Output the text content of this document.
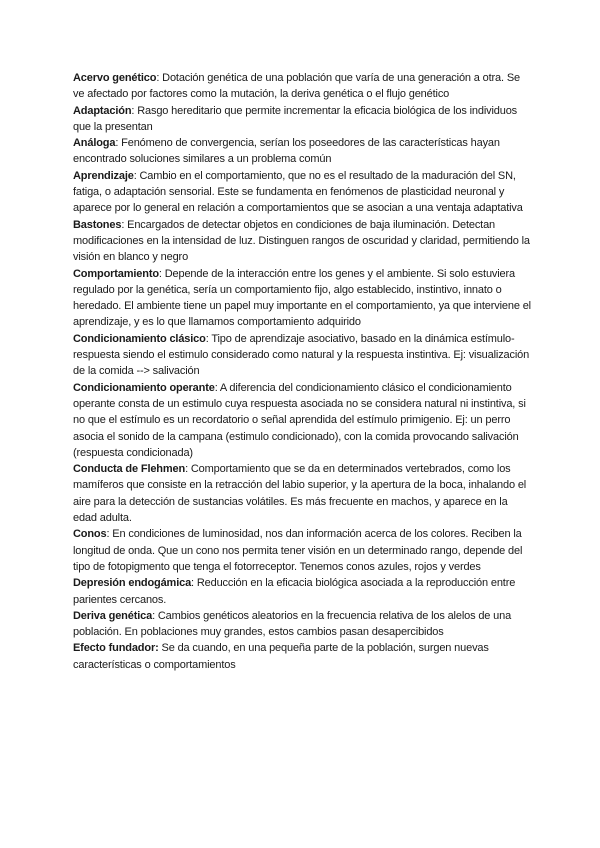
Acervo genético: Dotación genética de una población que varía de una generación a otra. Se ve afectado por factores como la mutación, la deriva genética o el flujo genético

Adaptación: Rasgo hereditario que permite incrementar la eficacia biológica de los individuos que la presentan

Análoga: Fenómeno de convergencia, serían los poseedores de las características hayan encontrado soluciones similares a un problema común

Aprendizaje: Cambio en el comportamiento, que no es el resultado de la maduración del SN, fatiga, o adaptación sensorial. Este se fundamenta en fenómenos de plasticidad neuronal y aparece por lo general en relación a comportamientos que se asocian a una ventaja adaptativa

Bastones: Encargados de detectar objetos en condiciones de baja iluminación. Detectan modificaciones en la intensidad de luz. Distinguen rangos de oscuridad y claridad, permitiendo la visión en blanco y negro

Comportamiento: Depende de la interacción entre los genes y el ambiente. Si solo estuviera regulado por la genética, sería un comportamiento fijo, algo establecido, instintivo, innato o heredado. El ambiente tiene un papel muy importante en el comportamiento, ya que interviene el aprendizaje, y es lo que llamamos comportamiento adquirido

Condicionamiento clásico: Tipo de aprendizaje asociativo, basado en la dinámica estímulo-respuesta siendo el estimulo considerado como natural y la respuesta instintiva. Ej: visualización de la comida --> salivación

Condicionamiento operante: A diferencia del condicionamiento clásico el condicionamiento operante consta de un estimulo cuya respuesta asociada no se considera natural ni instintiva, si no que el estímulo es un recordatorio o señal aprendida del estímulo primigenio. Ej: un perro asocia el sonido de la campana (estimulo condicionado), con la comida provocando salivación (respuesta condicionada)

Conducta de Flehmen: Comportamiento que se da en determinados vertebrados, como los mamíferos que consiste en la retracción del labio superior, y la apertura de la boca, inhalando el aire para la detección de sustancias volátiles. Es más frecuente en machos, y aparece en la edad adulta.

Conos: En condiciones de luminosidad, nos dan información acerca de los colores. Reciben la longitud de onda. Que un cono nos permita tener visión en un determinado rango, depende del tipo de fotopigmento que tenga el fotorreceptor. Tenemos conos azules, rojos y verdes

Depresión endogámica: Reducción en la eficacia biológica asociada a la reproducción entre parientes cercanos.

Deriva genética: Cambios genéticos aleatorios en la frecuencia relativa de los alelos de una población. En poblaciones muy grandes, estos cambios pasan desapercibidos

Efecto fundador: Se da cuando, en una pequeña parte de la población, surgen nuevas características o comportamientos
